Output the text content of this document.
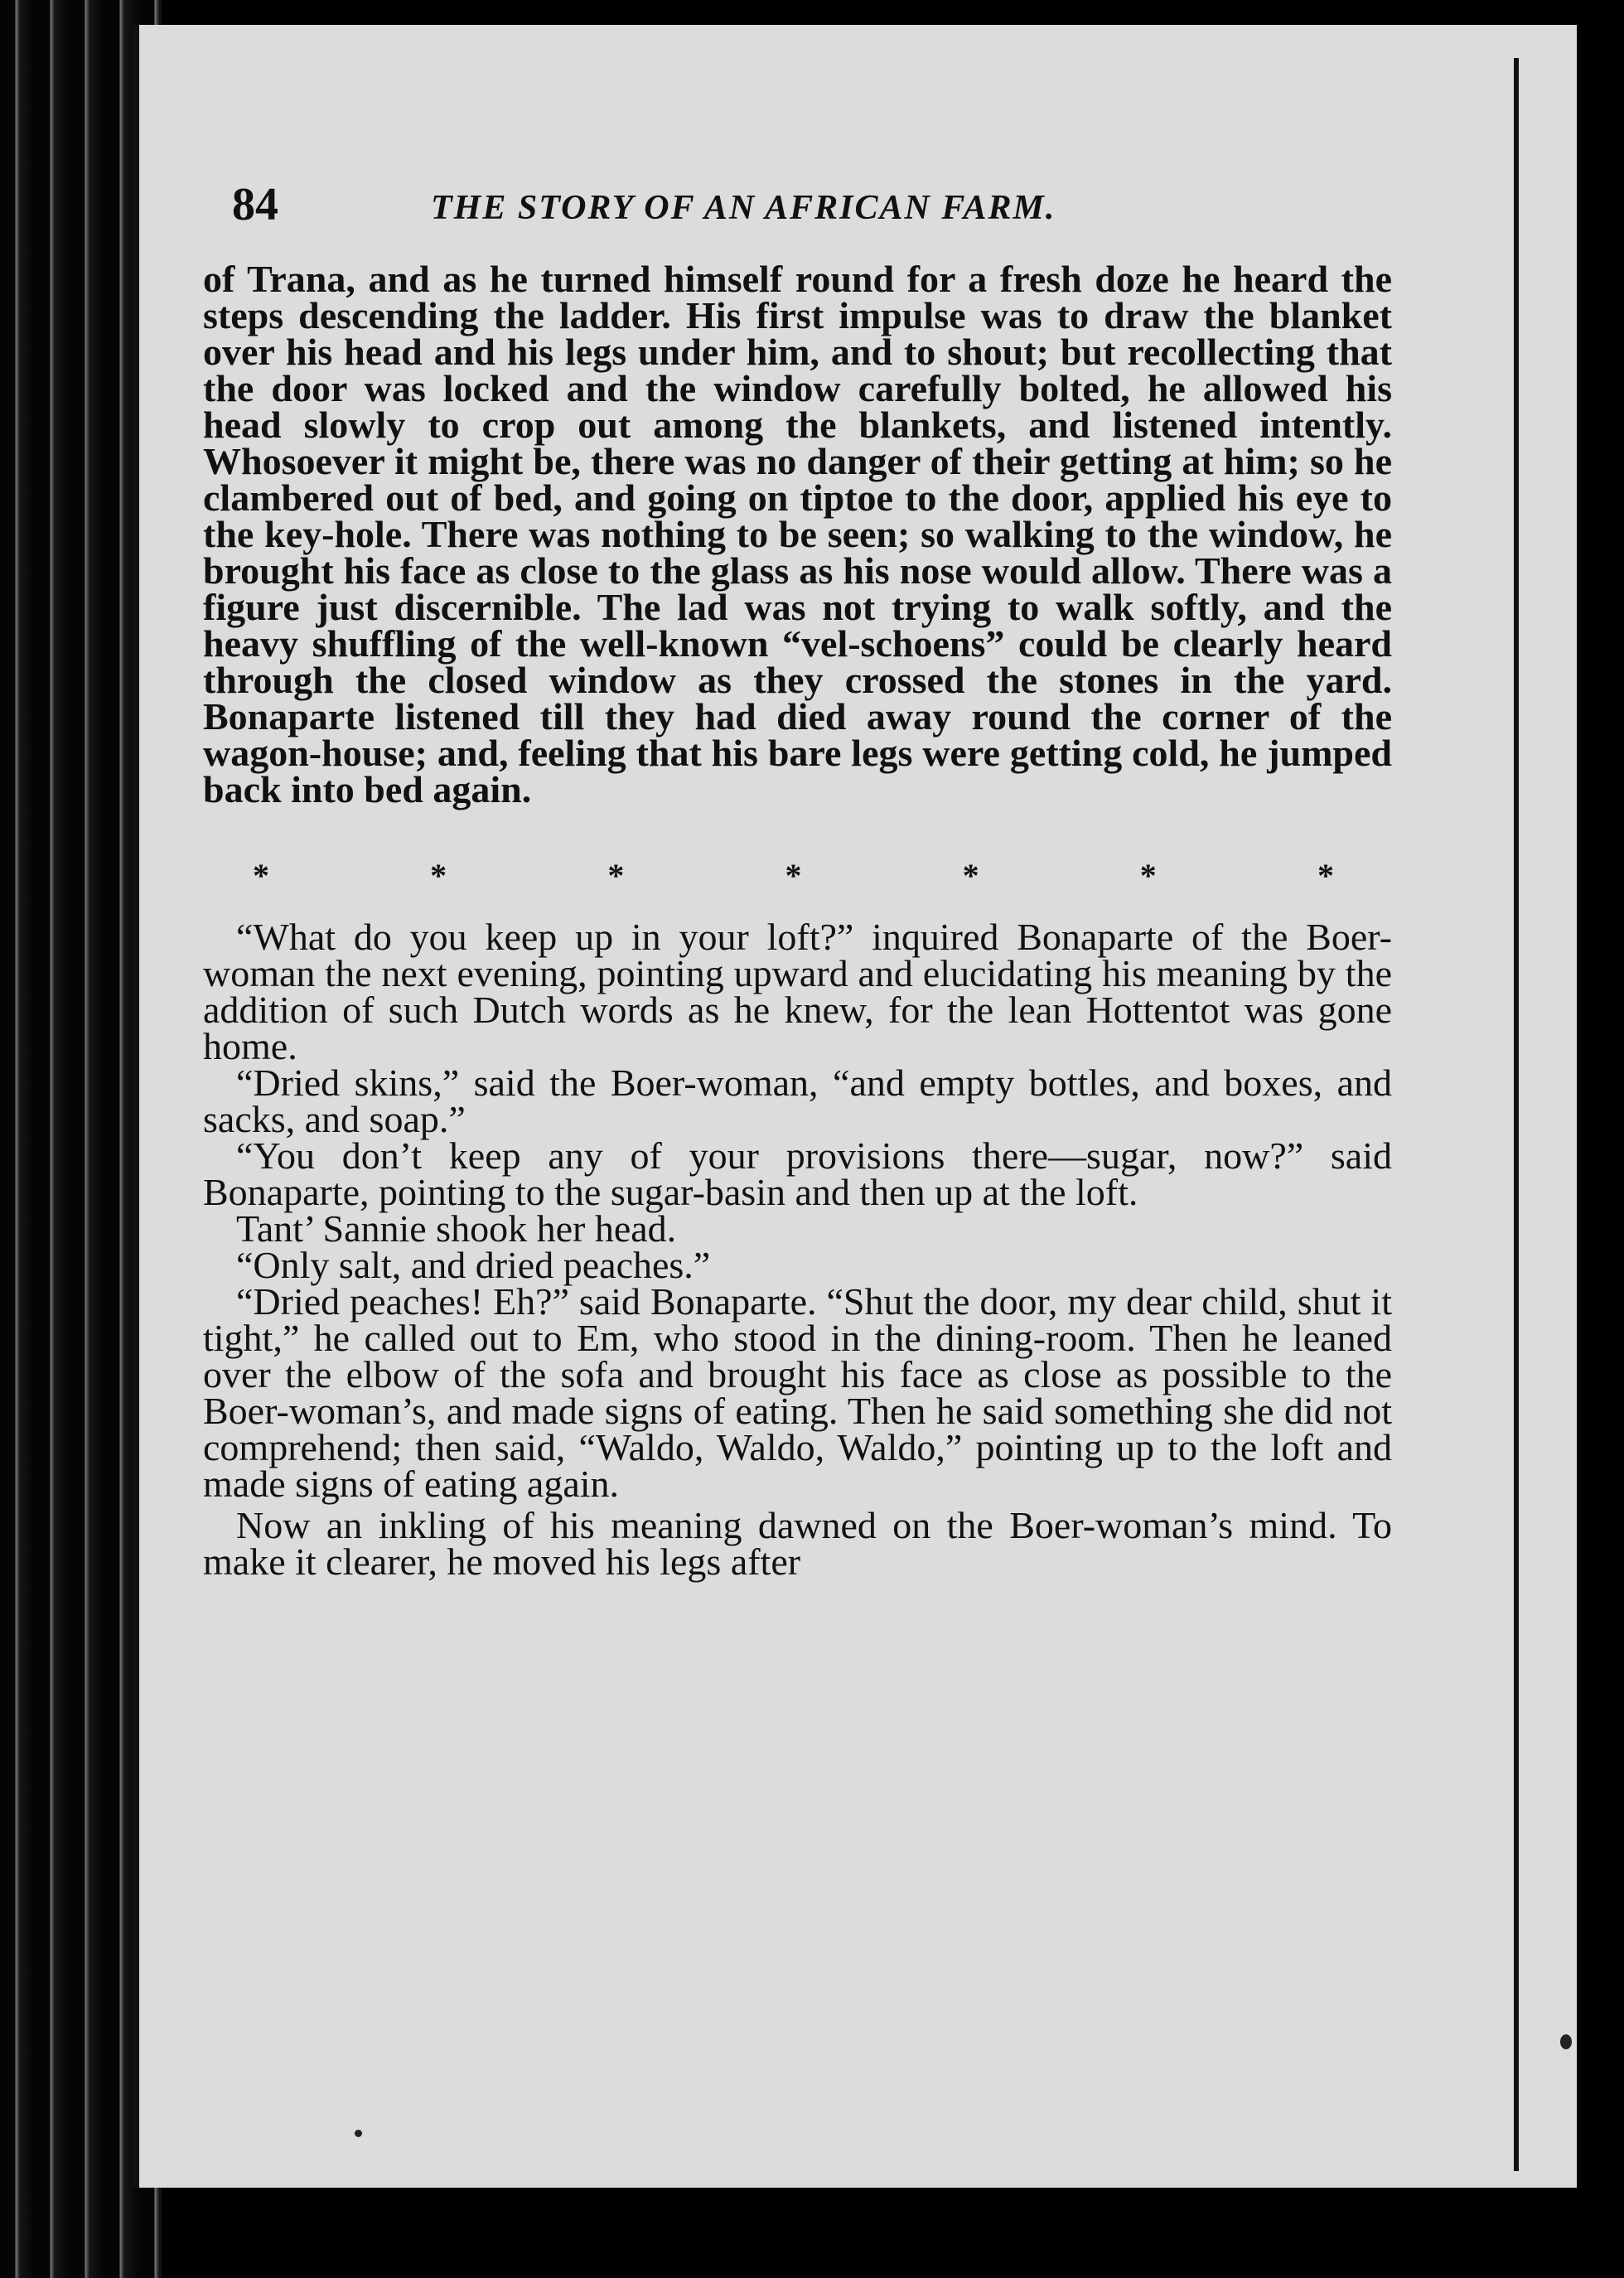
84	THE STORY OF AN AFRICAN FARM.

of Trana, and as he turned himself round for a fresh doze he heard the steps descending the ladder. His first impulse was to draw the blanket over his head and his legs under him, and to shout; but recollecting that the door was locked and the window carefully bolted, he allowed his head slowly to crop out among the blankets, and listened intently. Whosoever it might be, there was no danger of their getting at him; so he clambered out of bed, and going on tiptoe to the door, applied his eye to the key-hole. There was nothing to be seen; so walking to the window, he brought his face as close to the glass as his nose would allow. There was a figure just discernible. The lad was not trying to walk softly, and the heavy shuffling of the well-known “vel-schoens” could be clearly heard through the closed window as they crossed the stones in the yard. Bonaparte listened till they had died away round the corner of the wagon-house; and, feeling that his bare legs were getting cold, he jumped back into bed again.

*	*	*	*	*	*	*

“What do you keep up in your loft?” inquired Bonaparte of the Boer-woman the next evening, pointing upward and elucidating his meaning by the addition of such Dutch words as he knew, for the lean Hottentot was gone home.

“Dried skins,” said the Boer-woman, “and empty bottles, and boxes, and sacks, and soap.”

“You don’t keep any of your provisions there—sugar, now?” said Bonaparte, pointing to the sugar-basin and then up at the loft.

Tant’ Sannie shook her head.

“Only salt, and dried peaches.”

“Dried peaches! Eh?” said Bonaparte. “Shut the door, my dear child, shut it tight,” he called out to Em, who stood in the dining-room. Then he leaned over the elbow of the sofa and brought his face as close as possible to the Boer-woman’s, and made signs of eating. Then he said something she did not comprehend; then said, “Waldo, Waldo, Waldo,” pointing up to the loft and made signs of eating again.

Now an inkling of his meaning dawned on the Boer-woman’s mind. To make it clearer, he moved his legs after
